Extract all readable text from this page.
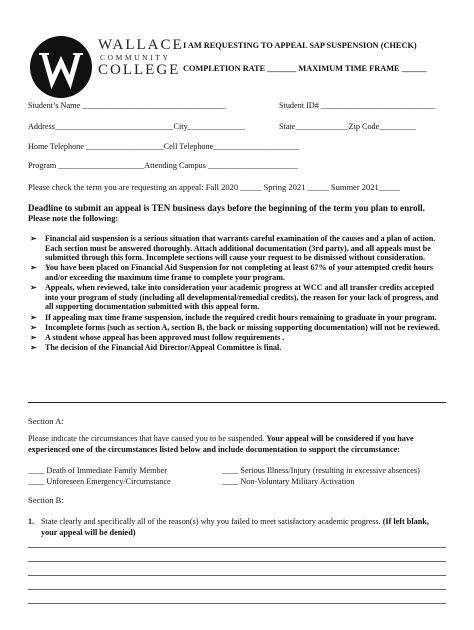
WALLACE
COMMUNITY
COLLEGE
I AM REQUESTING TO APPEAL SAP SUSPENSION (CHECK)
COMPLETION RATE _______ MAXIMUM TIME FRAME ______
Student’s Name ___________________________________	Student ID# ____________________________
Address_____________________________City______________	State_____________Zip Code_________
Home Telephone ___________________Cell Telephone_____________________
Program _____________________Attending Campus ______________________
Please check the term you are requesting an appeal: Fall 2020 _____ Spring 2021 _____ Summer 2021_____
Deadline to submit an appeal is TEN business days before the beginning of the term you plan to enroll.
Please note the following:
➢ Financial aid suspension is a serious situation that warrants careful examination of the causes and a plan of action. Each section must be answered thoroughly. Attach additional documentation (3rd party), and all appeals must be submitted through this form. Incomplete sections will cause your request to be dismissed without consideration.
➢ You have been placed on Financial Aid Suspension for not completing at least 67% of your attempted credit hours and/or exceeding the maximum time frame to complete your program.
➢ Appeals, when reviewed, take into consideration your academic progress at WCC and all transfer credits accepted into your program of study (including all developmental/remedial credits), the reason for your lack of progress, and all supporting documentation submitted with this appeal form.
➢ If appealing max time frame suspension, include the required credit hours remaining to graduate in your program.
➢ Incomplete forms (such as section A, section B, the back or missing supporting documentation) will not be reviewed.
➢ A student whose appeal has been approved must follow requirements .
➢ The decision of the Financial Aid Director/Appeal Committee is final.
Section A:
Please indicate the circumstances that have caused you to be suspended. Your appeal will be considered if you have experienced one of the circumstances listed below and include documentation to support the circumstance:
____ Death of Immediate Family Member	____ Serious Illness/Injury (resulting in excessive absences)
____ Unforeseen Emergency/Circumstance	____ Non-Voluntary Military Activation
Section B:
1. State clearly and specifically all of the reason(s) why you failed to meet satisfactory academic progress. (If left blank, your appeal will be denied)
